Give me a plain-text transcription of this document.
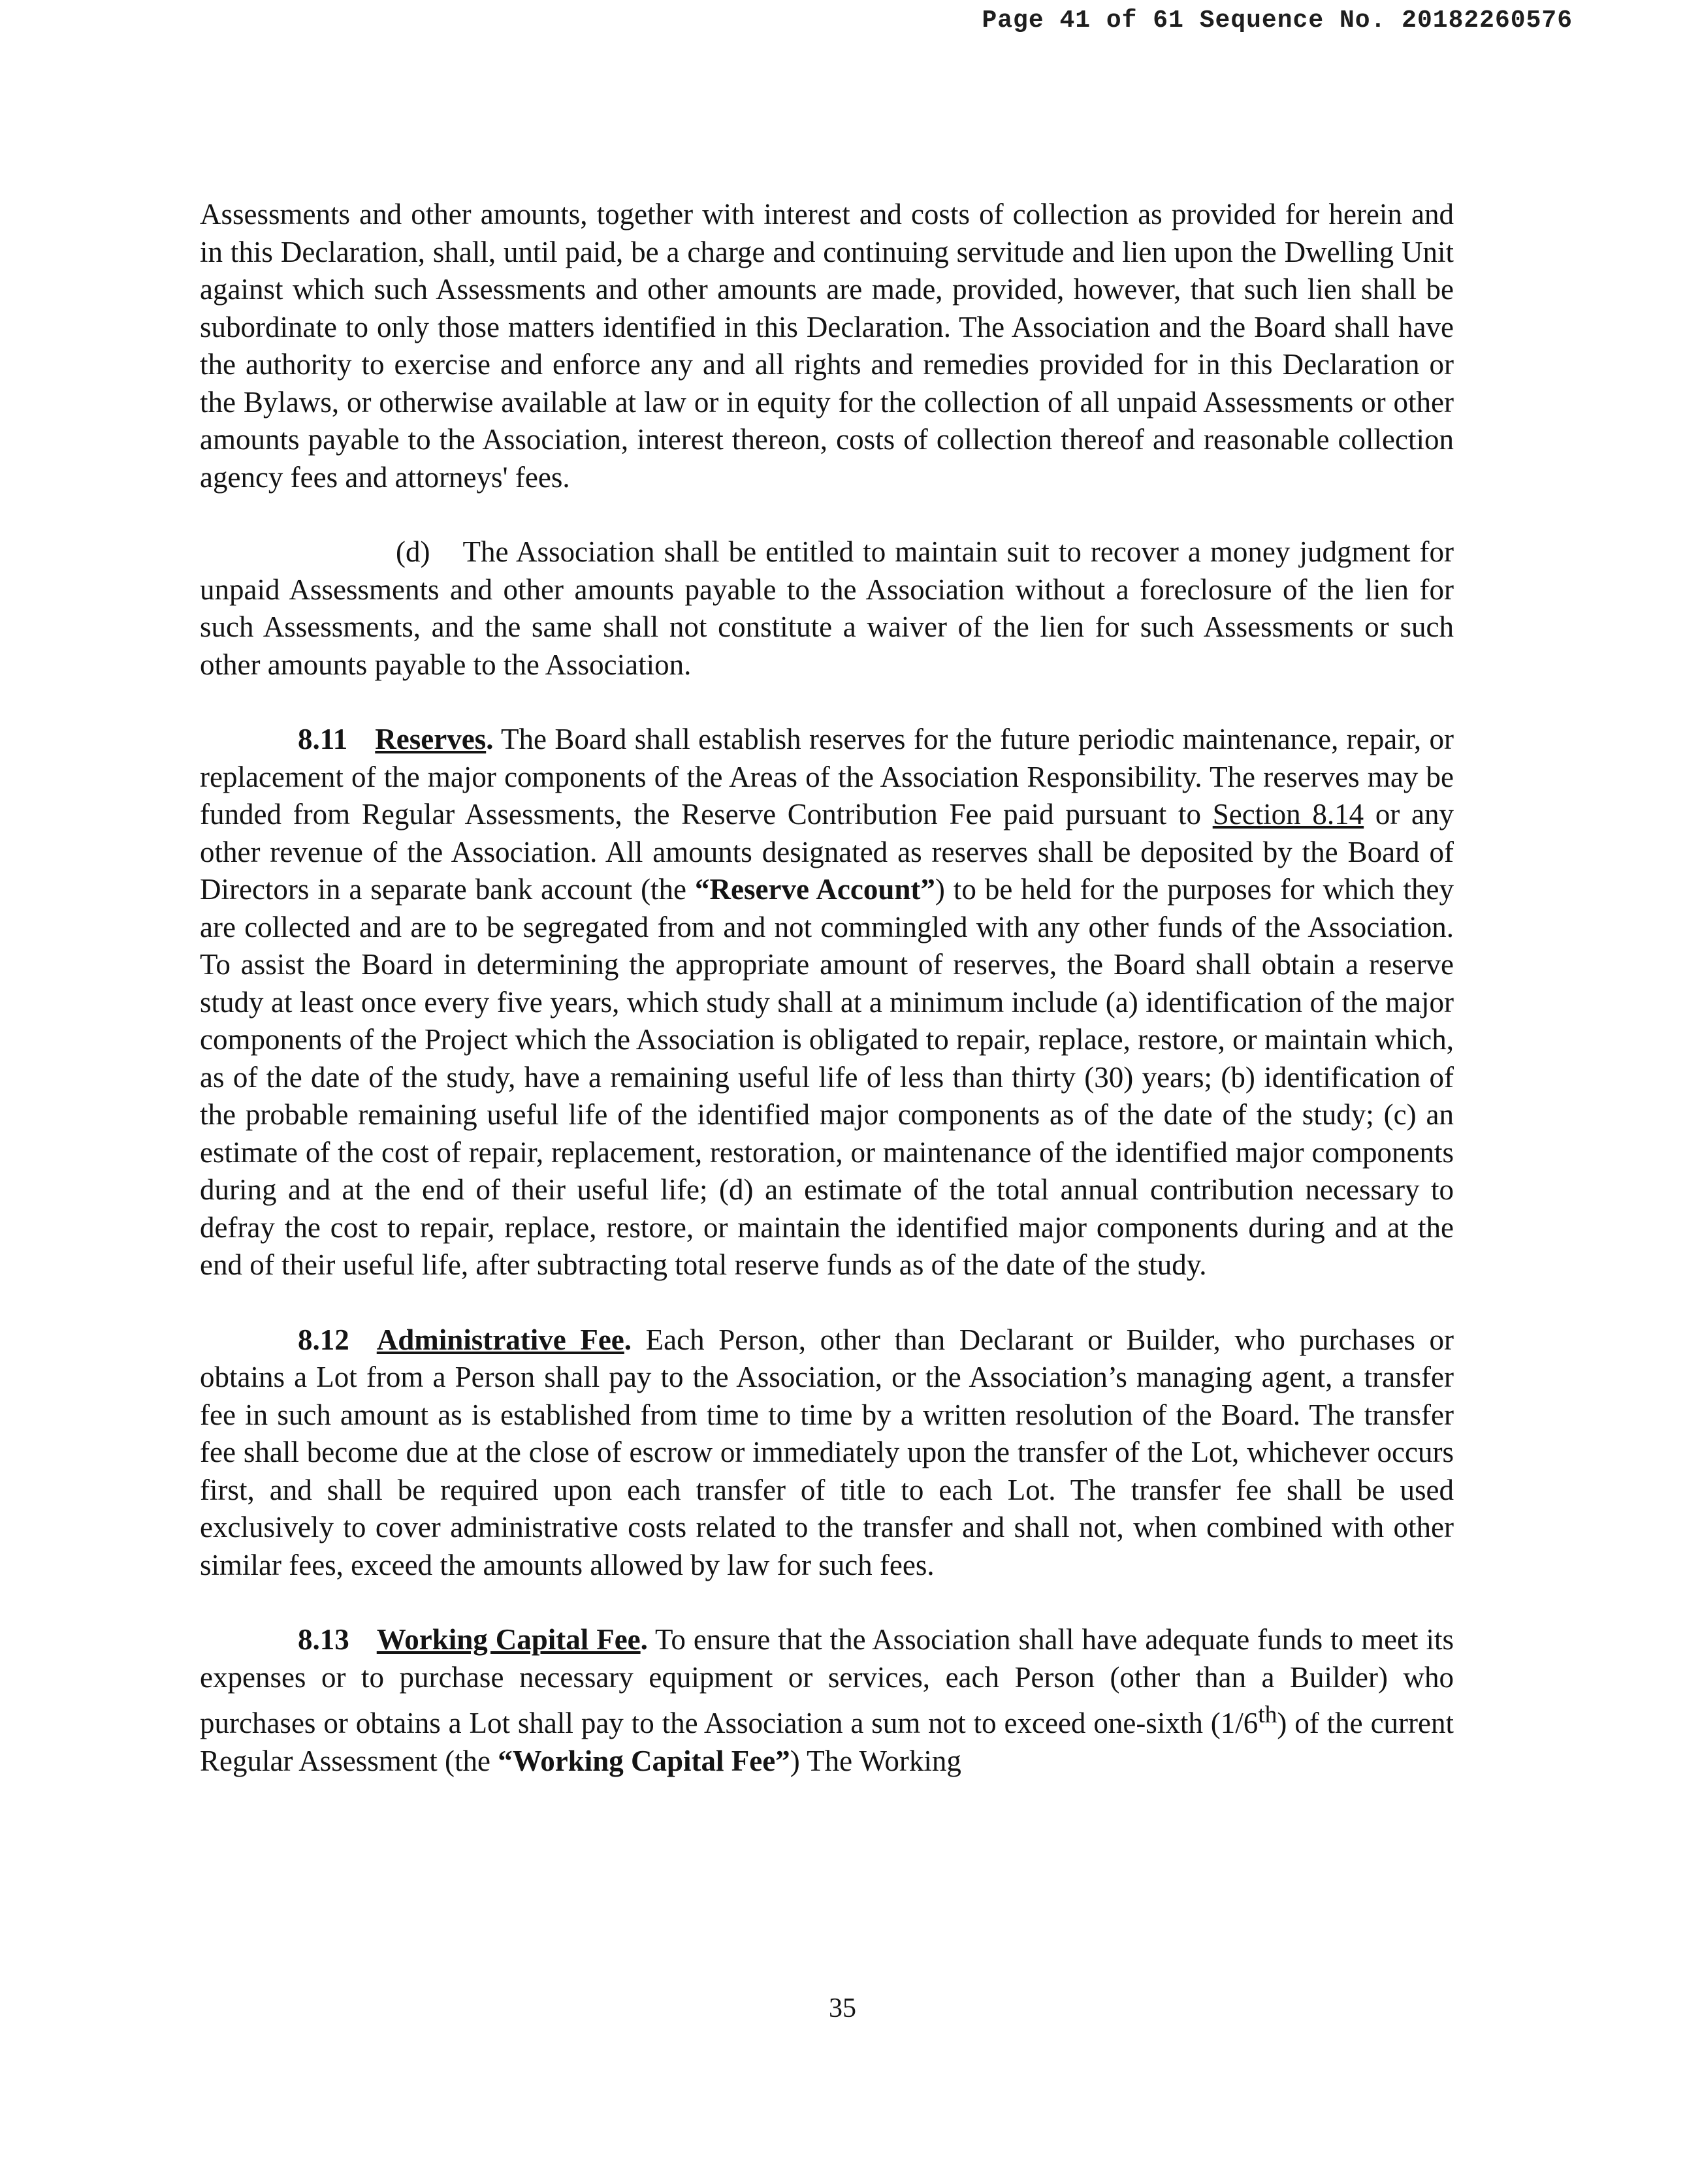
Page 41 of 61 Sequence No. 20182260576

Assessments and other amounts, together with interest and costs of collection as provided for herein and in this Declaration, shall, until paid, be a charge and continuing servitude and lien upon the Dwelling Unit against which such Assessments and other amounts are made, provided, however, that such lien shall be subordinate to only those matters identified in this Declaration. The Association and the Board shall have the authority to exercise and enforce any and all rights and remedies provided for in this Declaration or the Bylaws, or otherwise available at law or in equity for the collection of all unpaid Assessments or other amounts payable to the Association, interest thereon, costs of collection thereof and reasonable collection agency fees and attorneys' fees.

(d) The Association shall be entitled to maintain suit to recover a money judgment for unpaid Assessments and other amounts payable to the Association without a foreclosure of the lien for such Assessments, and the same shall not constitute a waiver of the lien for such Assessments or such other amounts payable to the Association.

8.11 Reserves. The Board shall establish reserves for the future periodic maintenance, repair, or replacement of the major components of the Areas of the Association Responsibility. The reserves may be funded from Regular Assessments, the Reserve Contribution Fee paid pursuant to Section 8.14 or any other revenue of the Association. All amounts designated as reserves shall be deposited by the Board of Directors in a separate bank account (the “Reserve Account”) to be held for the purposes for which they are collected and are to be segregated from and not commingled with any other funds of the Association. To assist the Board in determining the appropriate amount of reserves, the Board shall obtain a reserve study at least once every five years, which study shall at a minimum include (a) identification of the major components of the Project which the Association is obligated to repair, replace, restore, or maintain which, as of the date of the study, have a remaining useful life of less than thirty (30) years; (b) identification of the probable remaining useful life of the identified major components as of the date of the study; (c) an estimate of the cost of repair, replacement, restoration, or maintenance of the identified major components during and at the end of their useful life; (d) an estimate of the total annual contribution necessary to defray the cost to repair, replace, restore, or maintain the identified major components during and at the end of their useful life, after subtracting total reserve funds as of the date of the study.

8.12 Administrative Fee. Each Person, other than Declarant or Builder, who purchases or obtains a Lot from a Person shall pay to the Association, or the Association’s managing agent, a transfer fee in such amount as is established from time to time by a written resolution of the Board. The transfer fee shall become due at the close of escrow or immediately upon the transfer of the Lot, whichever occurs first, and shall be required upon each transfer of title to each Lot. The transfer fee shall be used exclusively to cover administrative costs related to the transfer and shall not, when combined with other similar fees, exceed the amounts allowed by law for such fees.

8.13 Working Capital Fee. To ensure that the Association shall have adequate funds to meet its expenses or to purchase necessary equipment or services, each Person (other than a Builder) who purchases or obtains a Lot shall pay to the Association a sum not to exceed one-sixth (1/6th) of the current Regular Assessment (the “Working Capital Fee”) The Working

35
